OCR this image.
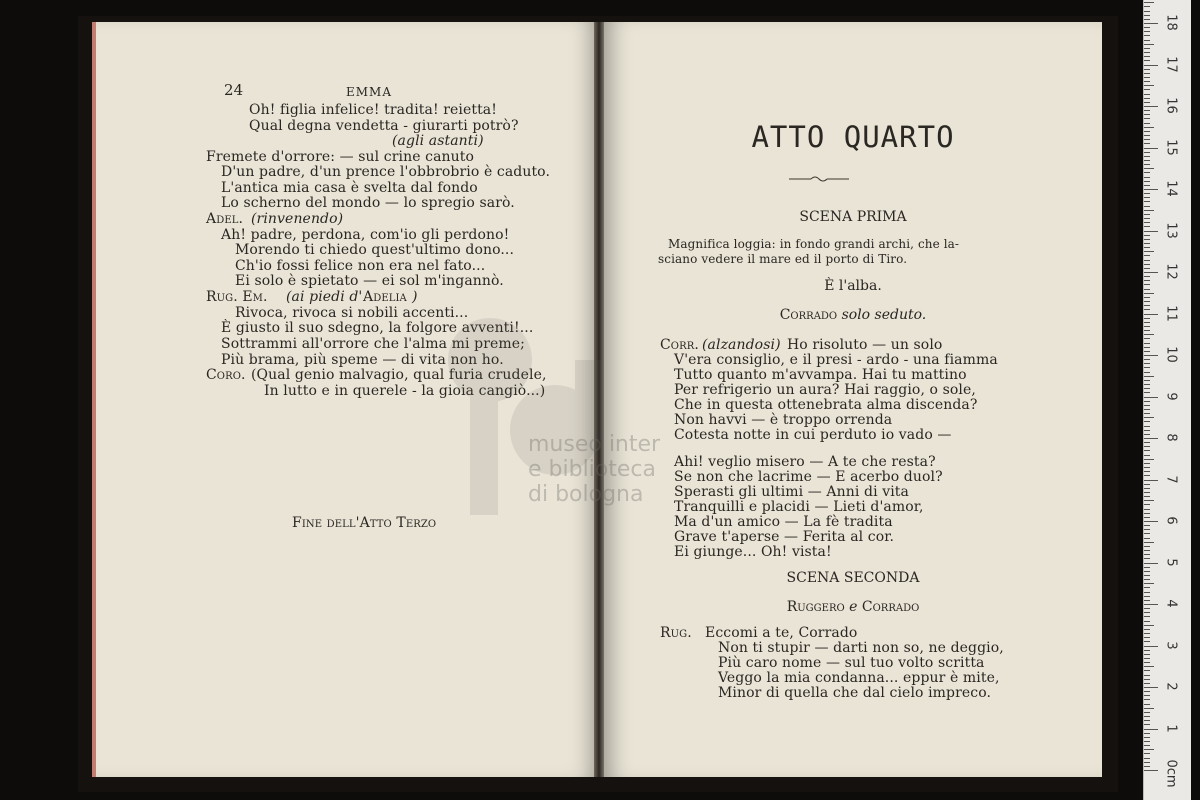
24	EMMA
Oh! figlia infelice! tradita! reietta!
Qual degna vendetta - giurarti potrò?
(agli astanti)
Fremete d'orrore: — sul crine canuto
D'un padre, d'un prence l'obbrobrio è caduto.
L'antica mia casa è svelta dal fondo
Lo scherno del mondo — lo spregio sarò.
Adel. (rinvenendo)
Ah! padre, perdona, com'io gli perdono!
Morendo ti chiedo quest'ultimo dono...
Ch'io fossi felice non era nel fato...
Ei solo è spietato — ei sol m'ingannò.
Rug. Em. (ai piedi d' Adelia )
Rivoca, rivoca si nobili accenti...
È giusto il suo sdegno, la folgore avventi!...
Sottrammi all'orrore che l'alma mi preme;
Più brama, più speme — di vita non ho.
Coro. (Qual genio malvagio, qual furia crudele,
In lutto e in querele - la gioia cangiò...)
Fine dell'Atto Terzo
ATTO QUARTO
SCENA PRIMA
Magnifica loggia: in fondo grandi archi, che la-
sciano vedere il mare ed il porto di Tiro.
È l'alba.
Corrado solo seduto.
Corr. (alzandosi) Ho risoluto — un solo
V'era consiglio, e il presi - ardo - una fiamma
Tutto quanto m'avvampa. Hai tu mattino
Per refrigerio un aura? Hai raggio, o sole,
Che in questa ottenebrata alma discenda?
Non havvi — è troppo orrenda
Cotesta notte in cui perduto io vado —
Ahi! veglio misero — A te che resta?
Se non che lacrime — E acerbo duol?
Sperasti gli ultimi — Anni di vita
Tranquilli e placidi — Lieti d'amor,
Ma d'un amico — La fè tradita
Grave t'aperse — Ferita al cor.
Ei giunge... Oh! vista!
SCENA SECONDA
Ruggero e Corrado
Rug. Eccomi a te, Corrado
Non ti stupir — darti non so, ne deggio,
Più caro nome — sul tuo volto scritta
Veggo la mia condanna... eppur è mite,
Minor di quella che dal cielo impreco.
museo inter
e biblioteca
di bologna
0cm
1
2
3
4
5
6
7
8
9
10
11
12
13
14
15
16
17
18
